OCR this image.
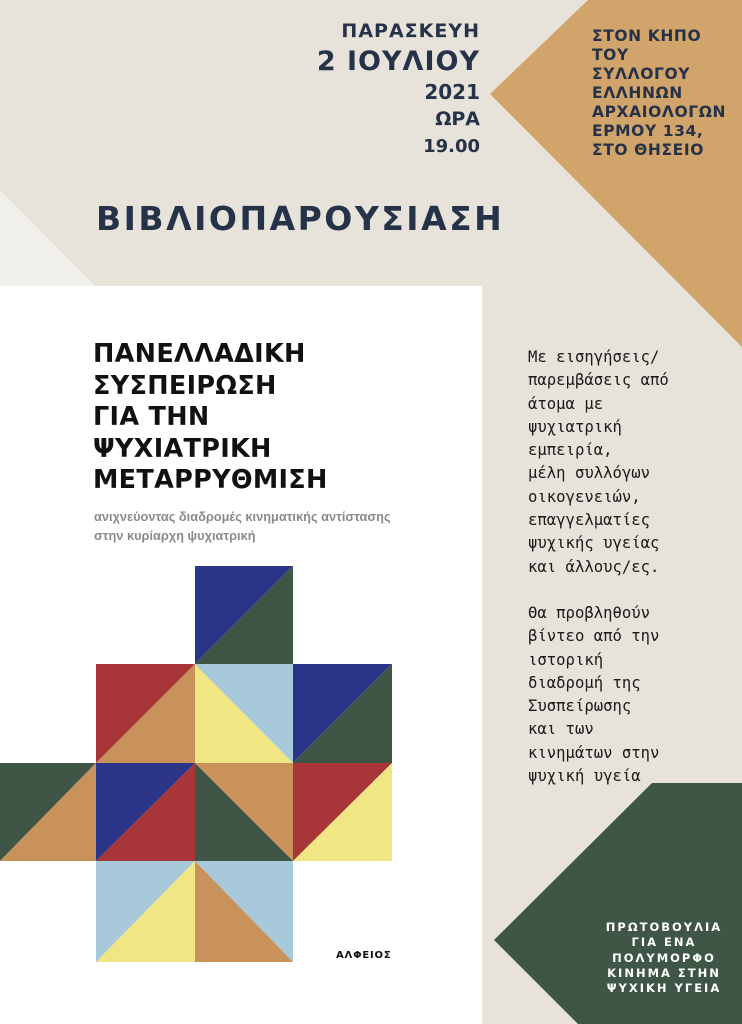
ΠΑΡΑΣΚΕΥΗ
2 ΙΟΥΛΙΟΥ
2021
ΩΡΑ
19.00
ΣΤΟΝ ΚΗΠΟ
ΤΟΥ
ΣΥΛΛΟΓΟΥ
ΕΛΛΗΝΩΝ
ΑΡΧΑΙΟΛΟΓΩΝ
ΕΡΜΟΥ 134,
ΣΤΟ ΘΗΣΕΙΟ
ΒΙΒΛΙΟΠΑΡΟΥΣΙΑΣΗ
ΠΑΝΕΛΛΑΔΙΚΗ
ΣΥΣΠΕΙΡΩΣΗ
ΓΙΑ ΤΗΝ
ΨΥΧΙΑΤΡΙΚΗ
ΜΕΤΑΡΡΥΘΜΙΣΗ
ανιχνεύοντας διαδρομές κινηματικής αντίστασης
στην κυρίαρχη ψυχιατρική
ΑΛΦΕΙΟΣ

Με εισηγήσεις/
παρεμβάσεις από
άτομα με
ψυχιατρική
εμπειρία,
μέλη συλλόγων
οικογενειών,
επαγγελματίες
ψυχικής υγείας
και άλλους/ες.

Θα προβληθούν
βίντεο από την
ιστορική
διαδρομή της
Συσπείρωσης
και των
κινημάτων στην
ψυχική υγεία

ΠΡΩΤΟΒΟΥΛΙΑ
ΓΙΑ ΕΝΑ
ΠΟΛΥΜΟΡΦΟ
ΚΙΝΗΜΑ ΣΤΗΝ
ΨΥΧΙΚΗ ΥΓΕΙΑ
